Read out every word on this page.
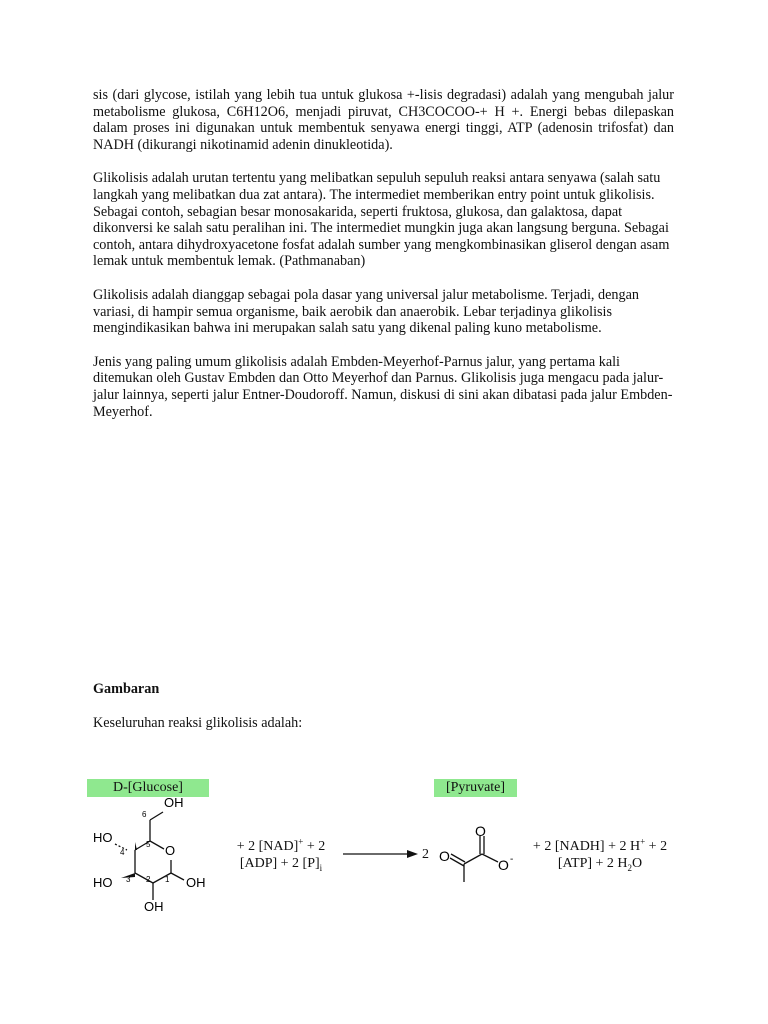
sis (dari glycose, istilah yang lebih tua untuk glukosa +-lisis degradasi) adalah yang mengubah jalur metabolisme glukosa, C6H12O6, menjadi piruvat, CH3COCOO-+ H +. Energi bebas dilepaskan dalam proses ini digunakan untuk membentuk senyawa energi tinggi, ATP (adenosin trifosfat) dan NADH (dikurangi nikotinamid adenin dinukleotida).

Glikolisis adalah urutan tertentu yang melibatkan sepuluh sepuluh reaksi antara senyawa (salah satu langkah yang melibatkan dua zat antara). The intermediet memberikan entry point untuk glikolisis. Sebagai contoh, sebagian besar monosakarida, seperti fruktosa, glukosa, dan galaktosa, dapat dikonversi ke salah satu peralihan ini. The intermediet mungkin juga akan langsung berguna. Sebagai contoh, antara dihydroxyacetone fosfat adalah sumber yang mengkombinasikan gliserol dengan asam lemak untuk membentuk lemak. (Pathmanaban)

Glikolisis adalah dianggap sebagai pola dasar yang universal jalur metabolisme. Terjadi, dengan variasi, di hampir semua organisme, baik aerobik dan anaerobik. Lebar terjadinya glikolisis mengindikasikan bahwa ini merupakan salah satu yang dikenal paling kuno metabolisme.

Jenis yang paling umum glikolisis adalah Embden-Meyerhof-Parnus jalur, yang pertama kali ditemukan oleh Gustav Embden dan Otto Meyerhof dan Parnus. Glikolisis juga mengacu pada jalur-jalur lainnya, seperti jalur Entner-Doudoroff. Namun, diskusi di sini akan dibatasi pada jalur Embden-Meyerhof.

Gambaran

Keseluruhan reaksi glikolisis adalah:

D-[Glucose]	[Pyruvate]
OH
HO
HO
OH
OH
O
1
2
3
4
5
6
+ 2 [NAD]+ + 2
[ADP] + 2 $[P]_i$
2
O
O
O -
+ 2 [NADH] + 2 H+ + 2
[ATP] + 2 $H_2O$
